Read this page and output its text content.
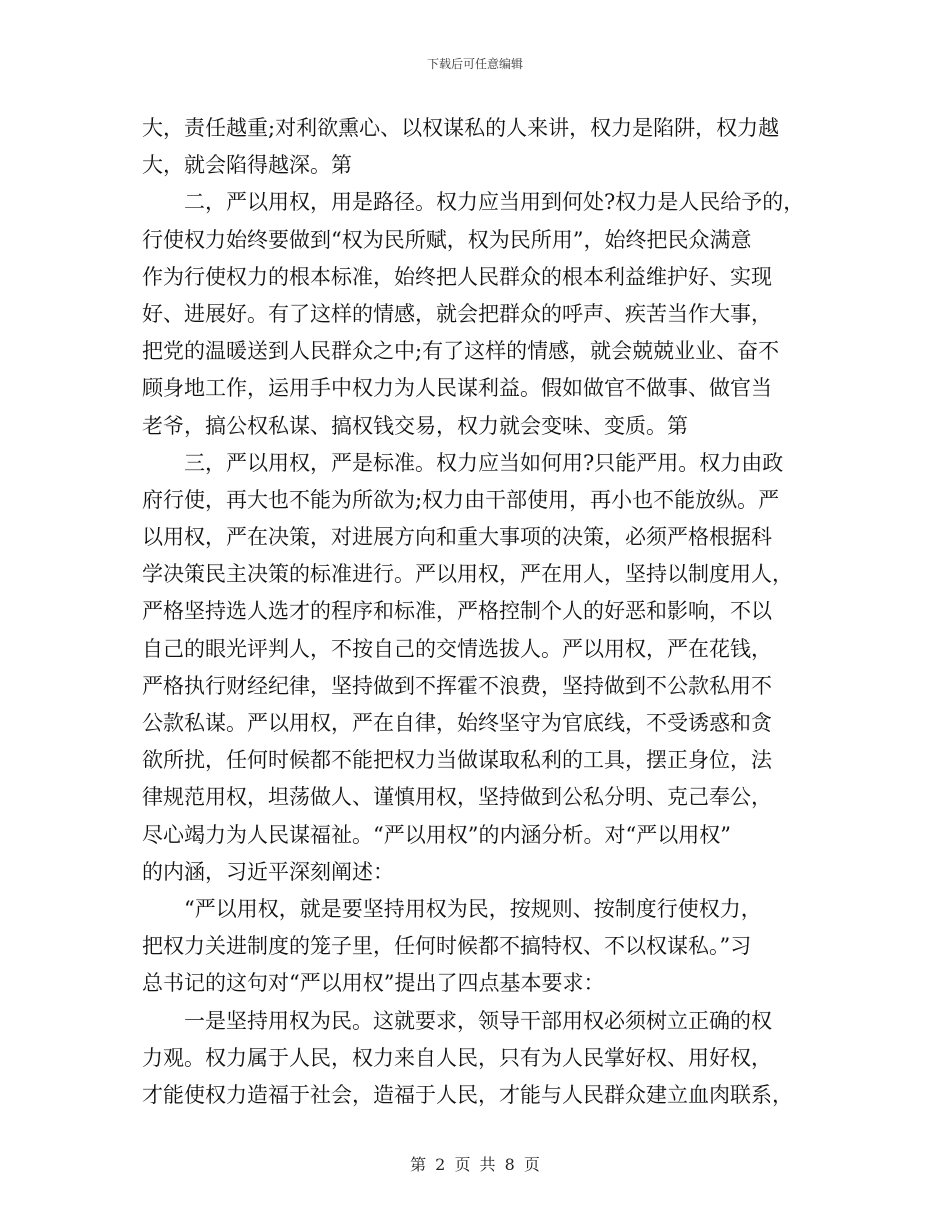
下载后可任意编辑
大，责任越重;对利欲熏心、以权谋私的人来讲，权力是陷阱，权力越
大，就会陷得越深。第
二，严以用权，用是路径。权力应当用到何处?权力是人民给予的，
行使权力始终要做到“权为民所赋，权为民所用”，始终把民众满意
作为行使权力的根本标准，始终把人民群众的根本利益维护好、实现
好、进展好。有了这样的情感，就会把群众的呼声、疾苦当作大事，
把党的温暖送到人民群众之中;有了这样的情感，就会兢兢业业、奋不
顾身地工作，运用手中权力为人民谋利益。假如做官不做事、做官当
老爷，搞公权私谋、搞权钱交易，权力就会变味、变质。第
三，严以用权，严是标准。权力应当如何用?只能严用。权力由政
府行使，再大也不能为所欲为;权力由干部使用，再小也不能放纵。严
以用权，严在决策，对进展方向和重大事项的决策，必须严格根据科
学决策民主决策的标准进行。严以用权，严在用人，坚持以制度用人，
严格坚持选人选才的程序和标准，严格控制个人的好恶和影响，不以
自己的眼光评判人，不按自己的交情选拔人。严以用权，严在花钱，
严格执行财经纪律，坚持做到不挥霍不浪费，坚持做到不公款私用不
公款私谋。严以用权，严在自律，始终坚守为官底线，不受诱惑和贪
欲所扰，任何时候都不能把权力当做谋取私利的工具，摆正身位，法
律规范用权，坦荡做人、谨慎用权，坚持做到公私分明、克己奉公，
尽心竭力为人民谋福祉。“严以用权”的内涵分析。对“严以用权”
的内涵，习近平深刻阐述：
“严以用权，就是要坚持用权为民，按规则、按制度行使权力，
把权力关进制度的笼子里，任何时候都不搞特权、不以权谋私。”习
总书记的这句对“严以用权”提出了四点基本要求：
一是坚持用权为民。这就要求，领导干部用权必须树立正确的权
力观。权力属于人民，权力来自人民，只有为人民掌好权、用好权，
才能使权力造福于社会，造福于人民，才能与人民群众建立血肉联系，
第 2 页 共 8 页
